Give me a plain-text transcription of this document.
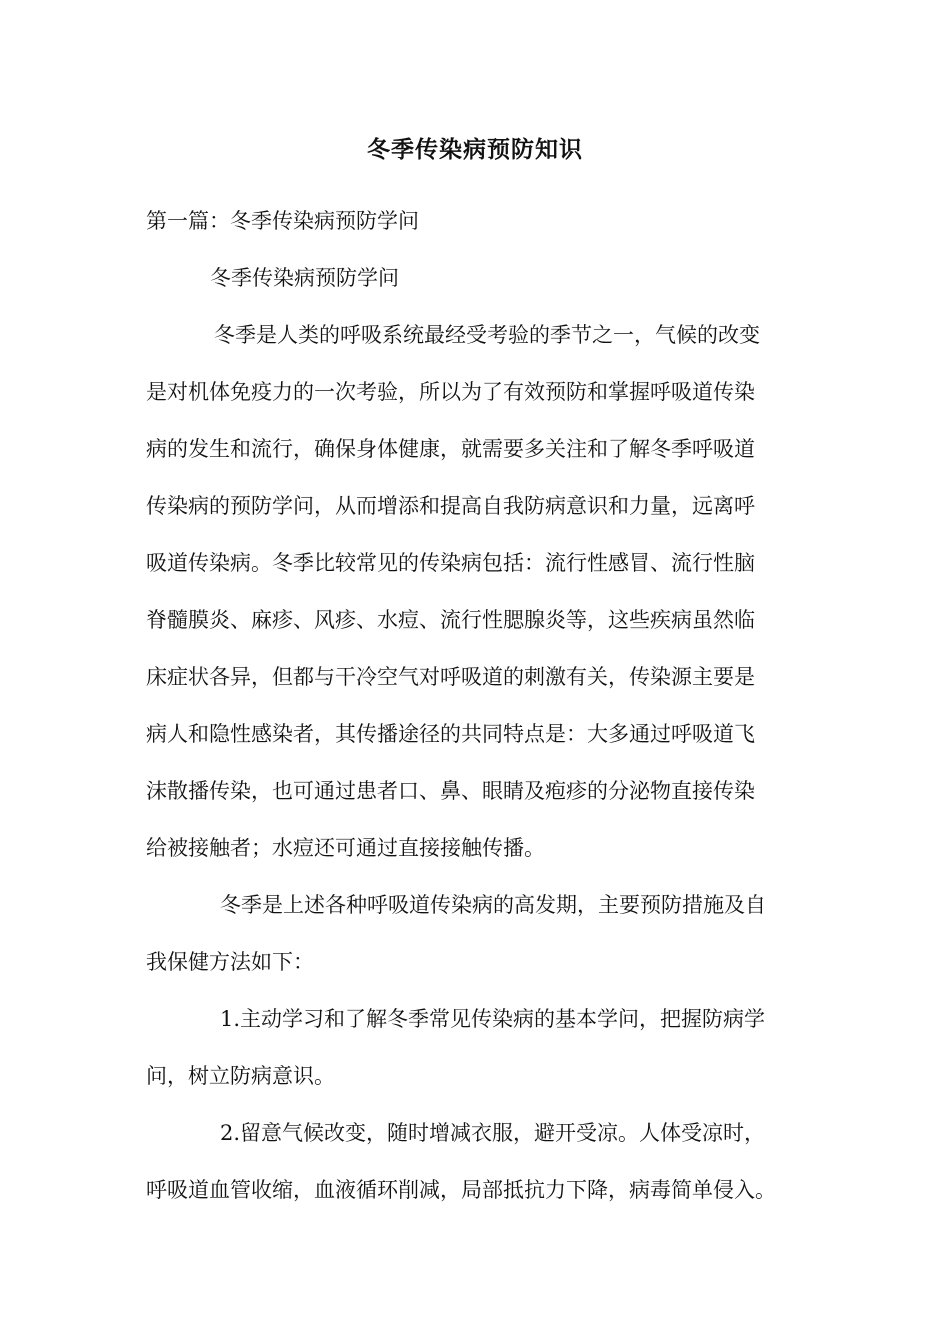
冬季传染病预防知识
第一篇：冬季传染病预防学问
冬季传染病预防学问
冬季是人类的呼吸系统最经受考验的季节之一，气候的改变
是对机体免疫力的一次考验，所以为了有效预防和掌握呼吸道传染
病的发生和流行，确保身体健康，就需要多关注和了解冬季呼吸道
传染病的预防学问，从而增添和提高自我防病意识和力量，远离呼
吸道传染病。冬季比较常见的传染病包括：流行性感冒、流行性脑
脊髓膜炎、麻疹、风疹、水痘、流行性腮腺炎等，这些疾病虽然临
床症状各异，但都与干冷空气对呼吸道的刺激有关，传染源主要是
病人和隐性感染者，其传播途径的共同特点是：大多通过呼吸道飞
沫散播传染，也可通过患者口、鼻、眼睛及疱疹的分泌物直接传染
给被接触者；水痘还可通过直接接触传播。
冬季是上述各种呼吸道传染病的高发期，主要预防措施及自
我保健方法如下：
1.主动学习和了解冬季常见传染病的基本学问，把握防病学
问，树立防病意识。
2.留意气候改变，随时增减衣服，避开受凉。人体受凉时，
呼吸道血管收缩，血液循环削减，局部抵抗力下降，病毒简单侵入。
